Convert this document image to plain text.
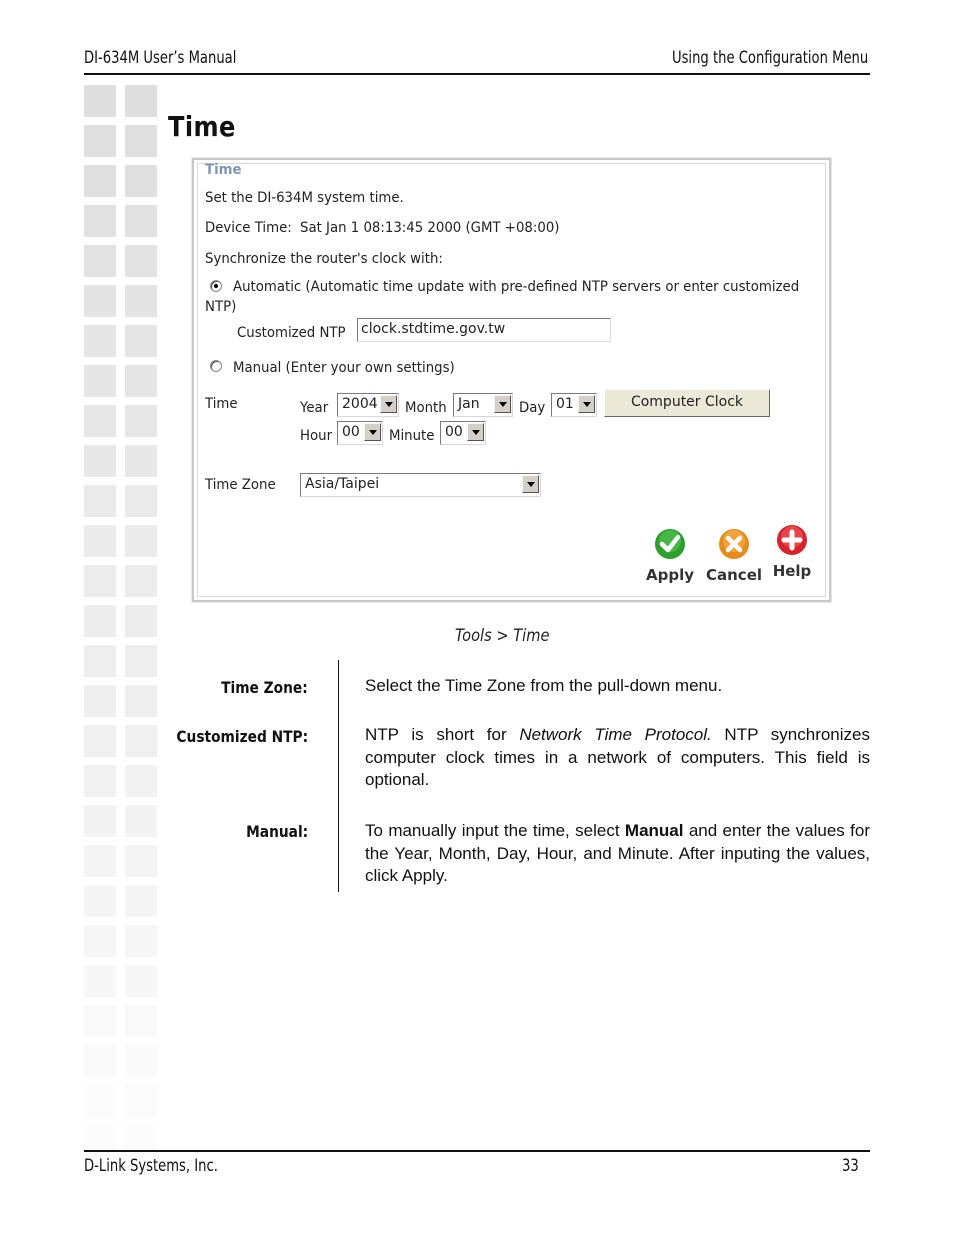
DI-634M User’s Manual	Using the Configuration Menu
Time
Time
Set the DI-634M system time.
Device Time: Sat Jan 1 08:13:45 2000 (GMT +08:00)
Synchronize the router's clock with:
Automatic (Automatic time update with pre-defined NTP servers or enter customized
NTP)
Customized NTP clock.stdtime.gov.tw
Manual (Enter your own settings)
Time	Year 2004 Month Jan	Day 01	Computer Clock
Hour 00 Minute 00
Time Zone Asia/Taipei
Apply Cancel Help
Tools > Time
Time Zone:	Select the Time Zone from the pull-down menu.
Customized NTP:	NTP is short for Network Time Protocol. NTP synchronizes computer clock times in a network of computers. This field is optional.
Manual:	To manually input the time, select Manual and enter the values for the Year, Month, Day, Hour, and Minute. After inputing the values, click Apply.
D-Link Systems, Inc.	33
